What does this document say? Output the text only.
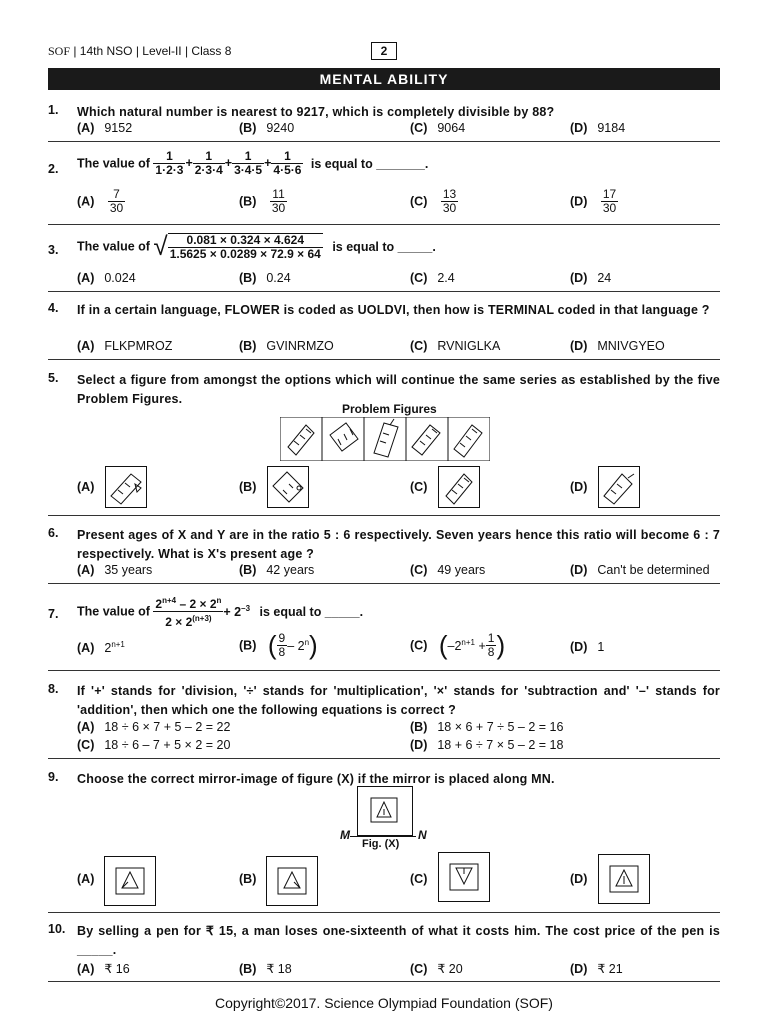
SOF | 14th NSO | Level-II | Class 8	2
MENTAL ABILITY
1. Which natural number is nearest to 9217, which is completely divisible by 88?
(A) 9152	(B) 9240	(C) 9064	(D) 9184
2. The value of $\frac{1}{1\cdot 2\cdot 3} + \frac{1}{2\cdot 3\cdot 4} + \frac{1}{3\cdot 4\cdot 5} + \frac{1}{4\cdot 5\cdot 6}$ is equal to _______.
$(A) \frac{7}{30}$	$(B) \frac{11}{30}$	$(C) \frac{13}{30}$	$(D) \frac{17}{30}$
3. The value of √ $\frac{0.081 \times 0.324 \times 4.624}{1.5625 \times 0.0289 \times 72.9 \times 64}$ is equal to _____.
(A) 0.024	(B) 0.24	(C) 2.4	(D) 24
4. If in a certain language, FLOWER is coded as UOLDVI, then how is TERMINAL coded in that language ?
(A) FLKPMROZ	(B) GVINRMZO	(C) RVNIGLKA	(D) MNIVGYEO
5. Select a figure from amongst the options which will continue the same series as established by the five Problem Figures.
Problem Figures
(A)	(B)	(C)	(D)
6. Present ages of X and Y are in the ratio 5 : 6 respectively. Seven years hence this ratio will become 6 : 7 respectively. What is X's present age ?
(A) 35 years	(B) 42 years	(C) 49 years	(D) Can't be determined
7. The value of $\frac{2^{n+4} - 2 \times 2^n}{2 \times 2^{(n+3)}} + 2^{-3}$ is equal to _____.
(A) $2^{n+1}$	(B) ( $\frac{9}{8} - 2^n$)	(C) ($-2^{n+1} + \frac{1}{8}$ )	(D) 1
8. If '+' stands for 'division, '÷' stands for 'multiplication', '×' stands for 'subtraction and' '–' stands for 'addition', then which one the following equations is correct ?
(A) 18 ÷ 6 × 7 + 5 – 2 = 22	(B) 18 × 6 + 7 ÷ 5 – 2 = 16
(C) 18 ÷ 6 – 7 + 5 × 2 = 20	(D) 18 + 6 ÷ 7 × 5 – 2 = 18
9. Choose the correct mirror-image of figure (X) if the mirror is placed along MN.
M	N
Fig. (X)
(A)	(B)	(C)	(D)
10. By selling a pen for ₹ 15, a man loses one-sixteenth of what it costs him. The cost price of the pen is _____.
(A) ₹ 16	(B) ₹ 18	(C) ₹ 20	(D) ₹ 21
Copyright©2017. Science Olympiad Foundation (SOF)
